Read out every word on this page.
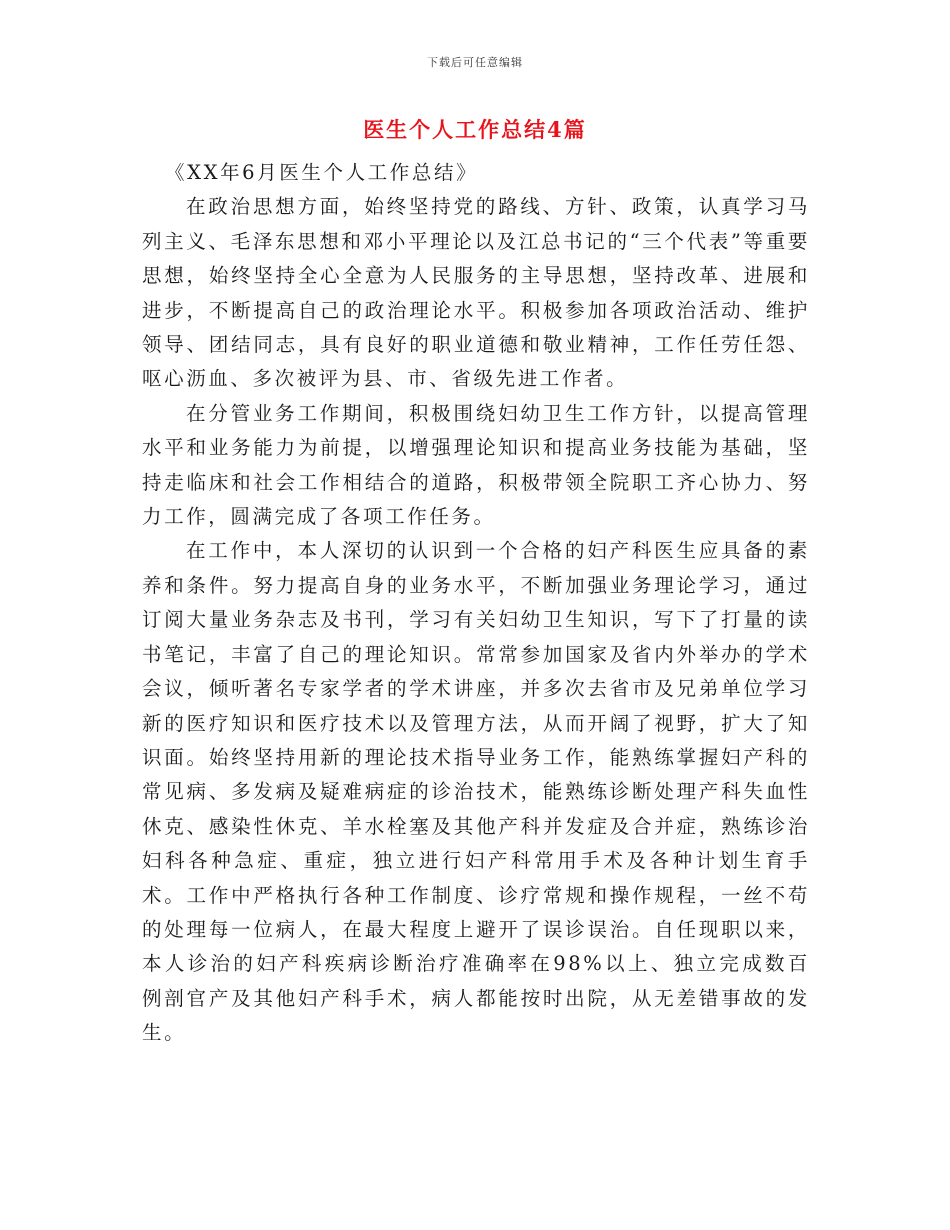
下载后可任意编辑
医生个人工作总结4篇

《XX年6月医生个人工作总结》

在政治思想方面，始终坚持党的路线、方针、政策，认真学习马列主义、毛泽东思想和邓小平理论以及江总书记的“三个代表”等重要思想，始终坚持全心全意为人民服务的主导思想，坚持改革、进展和进步，不断提高自己的政治理论水平。积极参加各项政治活动、维护领导、团结同志，具有良好的职业道德和敬业精神，工作任劳任怨、呕心沥血、多次被评为县、市、省级先进工作者。

在分管业务工作期间，积极围绕妇幼卫生工作方针，以提高管理水平和业务能力为前提，以增强理论知识和提高业务技能为基础，坚持走临床和社会工作相结合的道路，积极带领全院职工齐心协力、努力工作，圆满完成了各项工作任务。

在工作中，本人深切的认识到一个合格的妇产科医生应具备的素养和条件。努力提高自身的业务水平，不断加强业务理论学习，通过订阅大量业务杂志及书刊，学习有关妇幼卫生知识，写下了打量的读书笔记，丰富了自己的理论知识。常常参加国家及省内外举办的学术会议，倾听著名专家学者的学术讲座，并多次去省市及兄弟单位学习新的医疗知识和医疗技术以及管理方法，从而开阔了视野，扩大了知识面。始终坚持用新的理论技术指导业务工作，能熟练掌握妇产科的常见病、多发病及疑难病症的诊治技术，能熟练诊断处理产科失血性休克、感染性休克、羊水栓塞及其他产科并发症及合并症，熟练诊治妇科各种急症、重症，独立进行妇产科常用手术及各种计划生育手术。工作中严格执行各种工作制度、诊疗常规和操作规程，一丝不苟的处理每一位病人，在最大程度上避开了误诊误治。自任现职以来，本人诊治的妇产科疾病诊断治疗准确率在98%以上、独立完成数百例剖官产及其他妇产科手术，病人都能按时出院，从无差错事故的发生。
